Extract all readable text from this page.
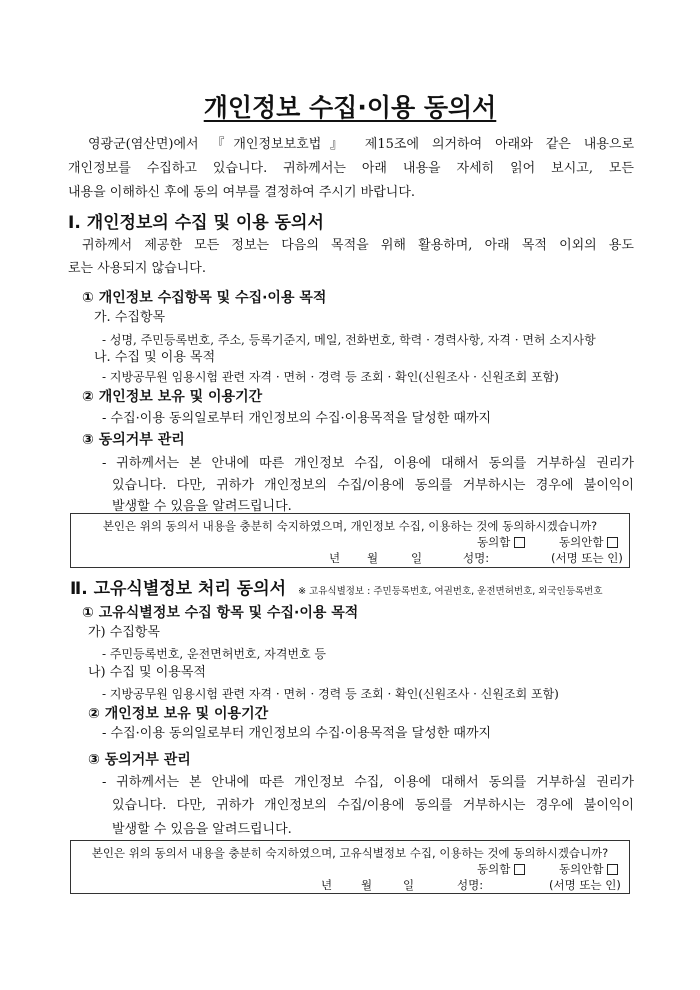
개인정보 수집·이용 동의서
영광군(염산면)에서 『개인정보보호법』 제15조에 의거하여 아래와 같은 내용으로
개인정보를 수집하고 있습니다. 귀하께서는 아래 내용을 자세히 읽어 보시고, 모든
내용을 이해하신 후에 동의 여부를 결정하여 주시기 바랍니다.
Ⅰ. 개인정보의 수집 및 이용 동의서
귀하께서 제공한 모든 정보는 다음의 목적을 위해 활용하며, 아래 목적 이외의 용도
로는 사용되지 않습니다.
① 개인정보 수집항목 및 수집·이용 목적
가. 수집항목
- 성명, 주민등록번호, 주소, 등록기준지, 메일, 전화번호, 학력 · 경력사항, 자격 · 면허 소지사항
나. 수집 및 이용 목적
- 지방공무원 임용시험 관련 자격 · 면허 · 경력 등 조회 · 확인(신원조사 · 신원조회 포함)
② 개인정보 보유 및 이용기간
- 수집·이용 동의일로부터 개인정보의 수집·이용목적을 달성한 때까지
③ 동의거부 관리
- 귀하께서는 본 안내에 따른 개인정보 수집, 이용에 대해서 동의를 거부하실 권리가
있습니다. 다만, 귀하가 개인정보의 수집/이용에 동의를 거부하시는 경우에 불이익이
발생할 수 있음을 알려드립니다.
본인은 위의 동의서 내용을 충분히 숙지하였으며, 개인정보 수집, 이용하는 것에 동의하시겠습니까?
동의함	동의안함
년 월	일	성명:	(서명 또는 인)
Ⅱ. 고유식별정보 처리 동의서 ※ 고유식별정보 : 주민등록번호, 여권번호, 운전면허번호, 외국인등록번호
① 고유식별정보 수집 항목 및 수집·이용 목적
가) 수집항목
- 주민등록번호, 운전면허번호, 자격번호 등
나) 수집 및 이용목적
- 지방공무원 임용시험 관련 자격 · 면허 · 경력 등 조회 · 확인(신원조사 · 신원조회 포함)
② 개인정보 보유 및 이용기간
- 수집·이용 동의일로부터 개인정보의 수집·이용목적을 달성한 때까지
③ 동의거부 관리
- 귀하께서는 본 안내에 따른 개인정보 수집, 이용에 대해서 동의를 거부하실 권리가
있습니다. 다만, 귀하가 개인정보의 수집/이용에 동의를 거부하시는 경우에 불이익이
발생할 수 있음을 알려드립니다.
본인은 위의 동의서 내용을 충분히 숙지하였으며, 고유식별정보 수집, 이용하는 것에 동의하시겠습니까?
동의함	동의안함
년	월	일	성명:	(서명 또는 인)
